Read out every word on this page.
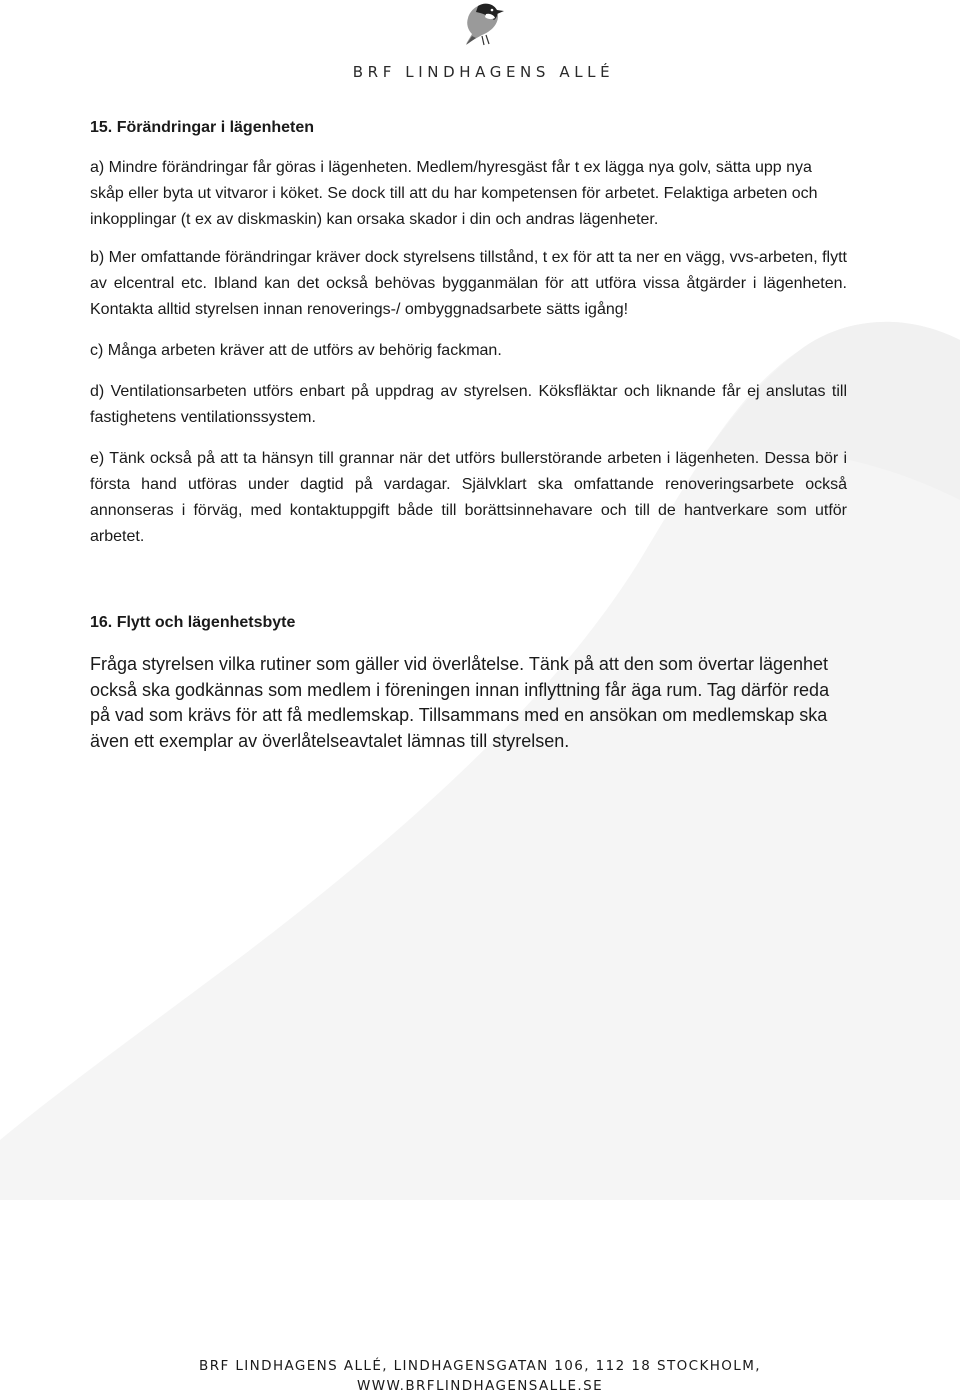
BRF LINDHAGENS ALLÉ
15. Förändringar i lägenheten

a) Mindre förändringar får göras i lägenheten. Medlem/hyresgäst får t ex lägga nya golv, sätta upp nya skåp eller byta ut vitvaror i köket. Se dock till att du har kompetensen för arbetet. Felaktiga arbeten och inkopplingar (t ex av diskmaskin) kan orsaka skador i din och andras lägenheter.

b) Mer omfattande förändringar kräver dock styrelsens tillstånd, t ex för att ta ner en vägg, vvs-arbeten, flytt av elcentral etc. Ibland kan det också behövas bygganmälan för att utföra vissa åtgärder i lägenheten. Kontakta alltid styrelsen innan renoverings-/ ombyggnadsarbete sätts igång!

c) Många arbeten kräver att de utförs av behörig fackman.

d) Ventilationsarbeten utförs enbart på uppdrag av styrelsen. Köksfläktar och liknande får ej anslutas till fastighetens ventilationssystem.

e) Tänk också på att ta hänsyn till grannar när det utförs bullerstörande arbeten i lägenheten. Dessa bör i första hand utföras under dagtid på vardagar. Självklart ska omfattande renoveringsarbete också annonseras i förväg, med kontaktuppgift både till borättsinnehavare och till de hantverkare som utför arbetet.

16. Flytt och lägenhetsbyte

Fråga styrelsen vilka rutiner som gäller vid överlåtelse. Tänk på att den som övertar lägenhet också ska godkännas som medlem i föreningen innan inflyttning får äga rum. Tag därför reda på vad som krävs för att få medlemskap. Tillsammans med en ansökan om medlemskap ska även ett exemplar av överlåtelseavtalet lämnas till styrelsen.

BRF LINDHAGENS ALLÉ, LINDHAGENSGATAN 106, 112 18 STOCKHOLM,
WWW.BRFLINDHAGENSALLE.SE
